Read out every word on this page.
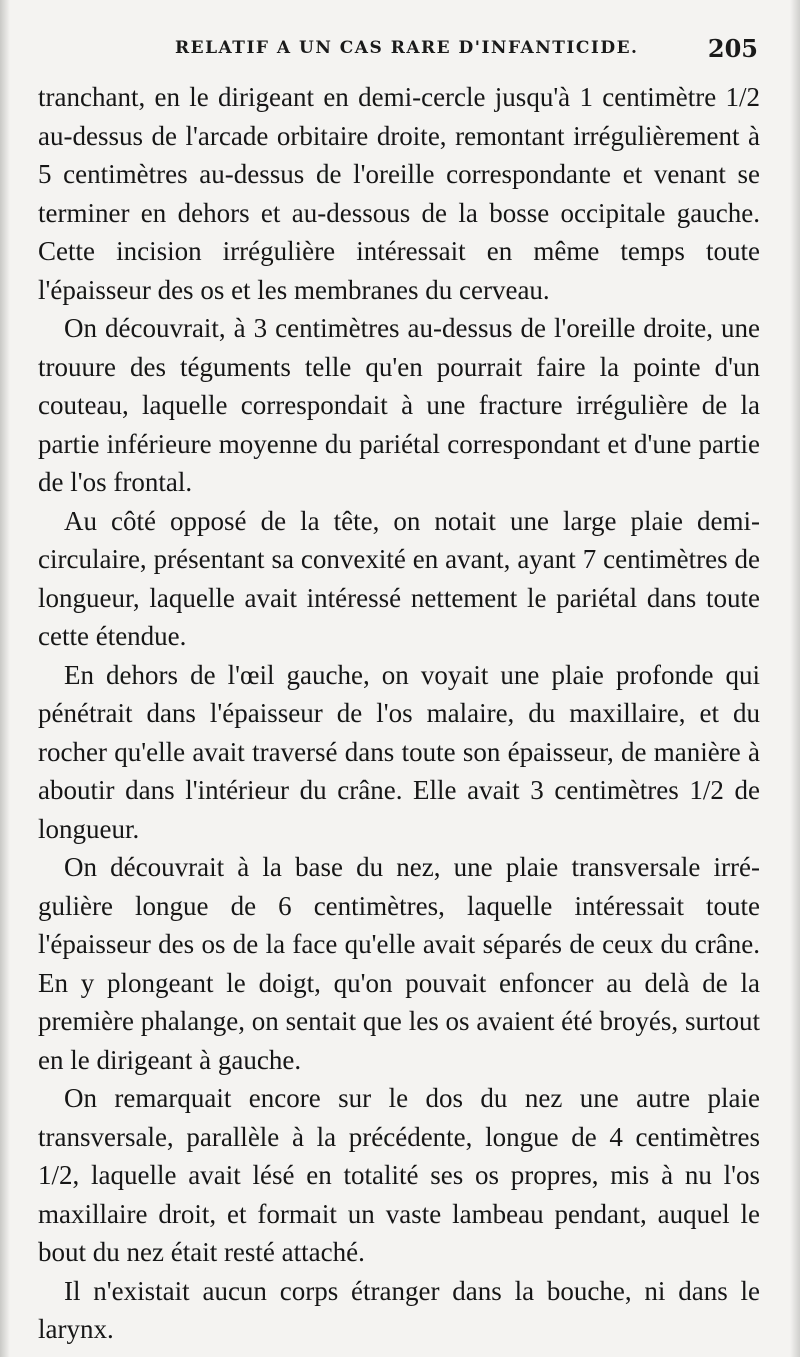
RELATIF A UN CAS RARE D'INFANTICIDE.	205

tranchant, en le dirigeant en demi-cercle jusqu'à 1 centimètre 1/2 au-dessus de l'arcade orbitaire droite, remontant irrégulièrement à 5 centimètres au-dessus de l'oreille correspondante et venant se terminer en dehors et au-dessous de la bosse occipitale gauche. Cette incision irrégulière intéressait en même temps toute l'épaisseur des os et les membranes du cerveau.

On découvrait, à 3 centimètres au-dessus de l'oreille droite, une trouure des téguments telle qu'en pourrait faire la pointe d'un couteau, laquelle correspondait à une fracture irrégulière de la partie inférieure moyenne du pariétal correspondant et d'une partie de l'os frontal.

Au côté opposé de la tête, on notait une large plaie demicirculaire, présentant sa convexité en avant, ayant 7 centimètres de longueur, laquelle avait intéressé nettement le pariétal dans toute cette étendue.

En dehors de l'œil gauche, on voyait une plaie profonde qui pénétrait dans l'épaisseur de l'os malaire, du maxillaire, et du rocher qu'elle avait traversé dans toute son épaisseur, de manière à aboutir dans l'intérieur du crâne. Elle avait 3 centimètres 1/2 de longueur.

On découvrait à la base du nez, une plaie transversale irrégulière longue de 6 centimètres, laquelle intéressait toute l'épaisseur des os de la face qu'elle avait séparés de ceux du crâne. En y plongeant le doigt, qu'on pouvait enfoncer au delà de la première phalange, on sentait que les os avaient été broyés, surtout en le dirigeant à gauche.

On remarquait encore sur le dos du nez une autre plaie transversale, parallèle à la précédente, longue de 4 centimètres 1/2, laquelle avait lésé en totalité ses os propres, mis à nu l'os maxillaire droit, et formait un vaste lambeau pendant, auquel le bout du nez était resté attaché.

Il n'existait aucun corps étranger dans la bouche, ni dans le larynx.
